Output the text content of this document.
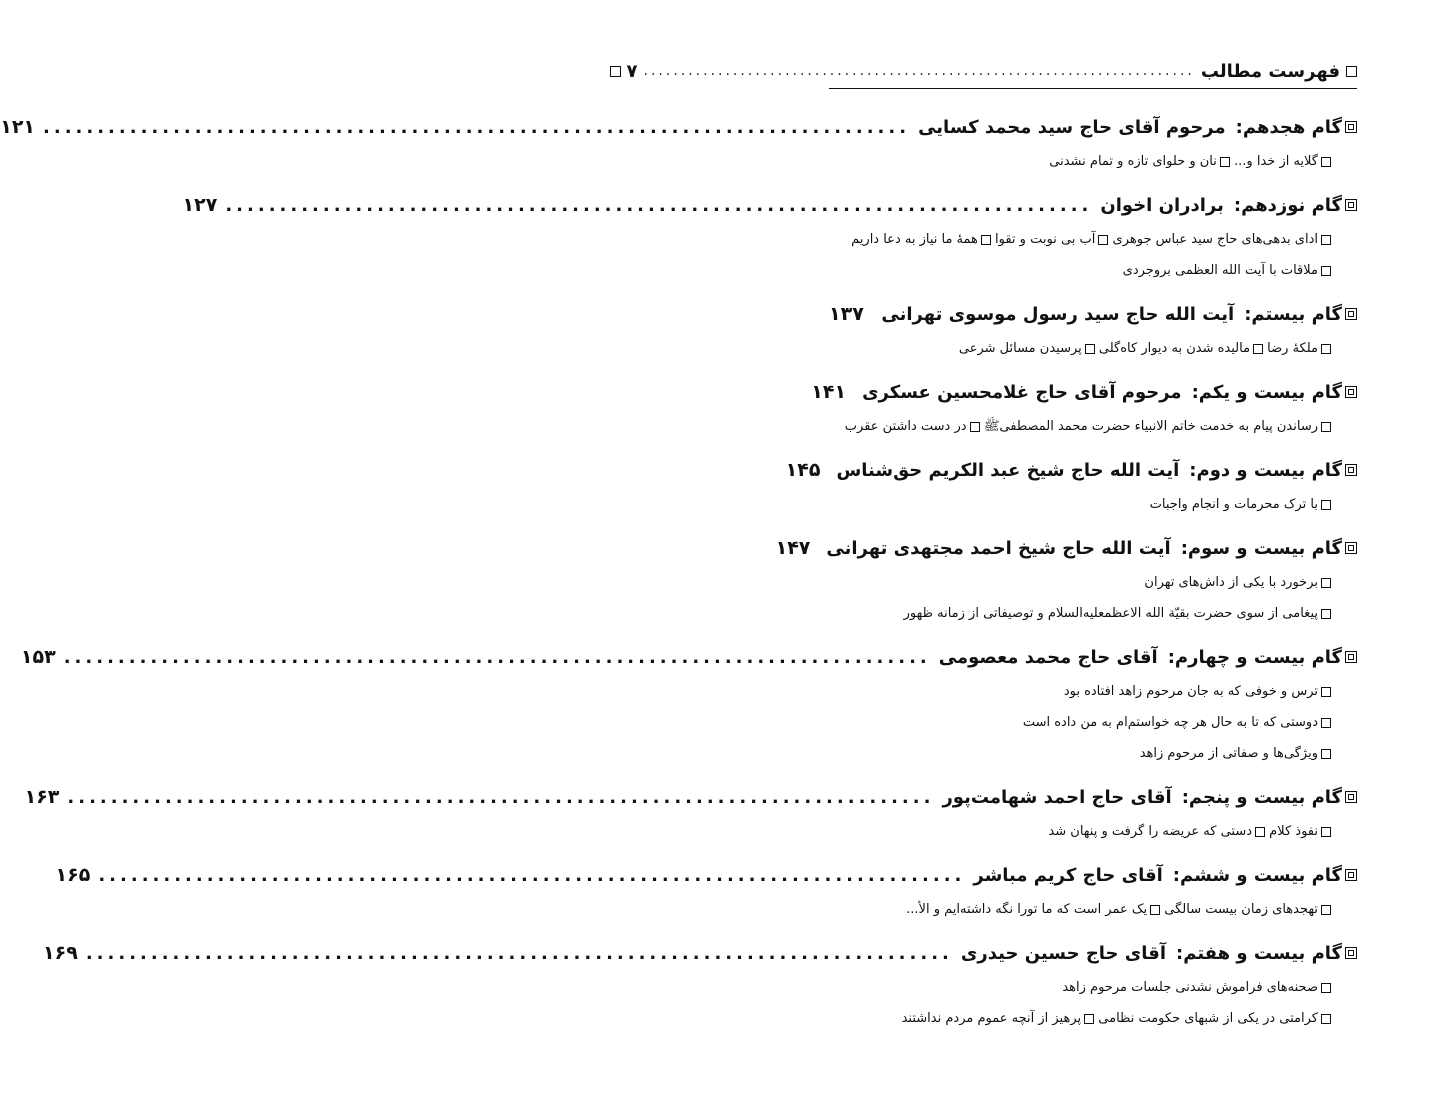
فهرست مطالب
..........................................................................
۷
گام هجدهم:
مرحوم آقای حاج سید محمد کسایی
................................................................................
۱۲۱
گلایه از خدا و... نان و حلوای تازه و تمام نشدنی
گام نوزدهم:
برادران اخوان
................................................................................
۱۲۷
ادای بدهی‌های حاج سید عباس جوهری آب بی نوبت و تقوا همهٔ ما نیاز به دعا داریم ملاقات با آیت الله العظمی بروجردی
گام بیستم:
آیت الله حاج سید رسول موسوی تهرانی
۱۳۷
ملکهٔ رضا مالیده شدن به دیوار کاه‌گلی پرسیدن مسائل شرعی
گام بیست و یکم:
مرحوم آقای حاج غلامحسین عسکری
۱۴۱
رساندن پیام به خدمت خاتم الانبیاء حضرت محمد المصطفیﷺ در دست داشتن عقرب
گام بیست و دوم:
آیت الله حاج شیخ عبد الکریم حق‌شناس
۱۴۵
با ترک محرمات و انجام واجبات
گام بیست و سوم:
آیت الله حاج شیخ احمد مجتهدی تهرانی
۱۴۷
برخورد با یکی از داش‌های تهران پیغامی از سوی حضرت بقیّة الله الاعظمعليه‌السلام و توصیفاتی از زمانه ظهور
گام بیست و چهارم:
آقای حاج محمد معصومی
................................................................................
۱۵۳
ترس و خوفی که به جان مرحوم زاهد افتاده بود دوستی که تا به حال هر چه خواستم‌ام به من داده است ویژگی‌ها و صفاتی از مرحوم زاهد
گام بیست و پنجم:
آقای حاج احمد شهامت‌پور
................................................................................
۱۶۳
نفوذ کلام دستی که عریضه را گرفت و پنهان شد
گام بیست و ششم:
آقای حاج کریم مباشر
................................................................................
۱۶۵
تهجدهای زمان بیست سالگی یک عمر است که ما تورا نگه داشته‌ایم و الأ...
گام بیست و هفتم:
آقای حاج حسین حیدری
................................................................................
۱۶۹
صحنه‌های فراموش نشدنی جلسات مرحوم زاهد کرامتی در یکی از شبهای حکومت نظامی پرهیز از آنچه عموم مردم نداشتند
